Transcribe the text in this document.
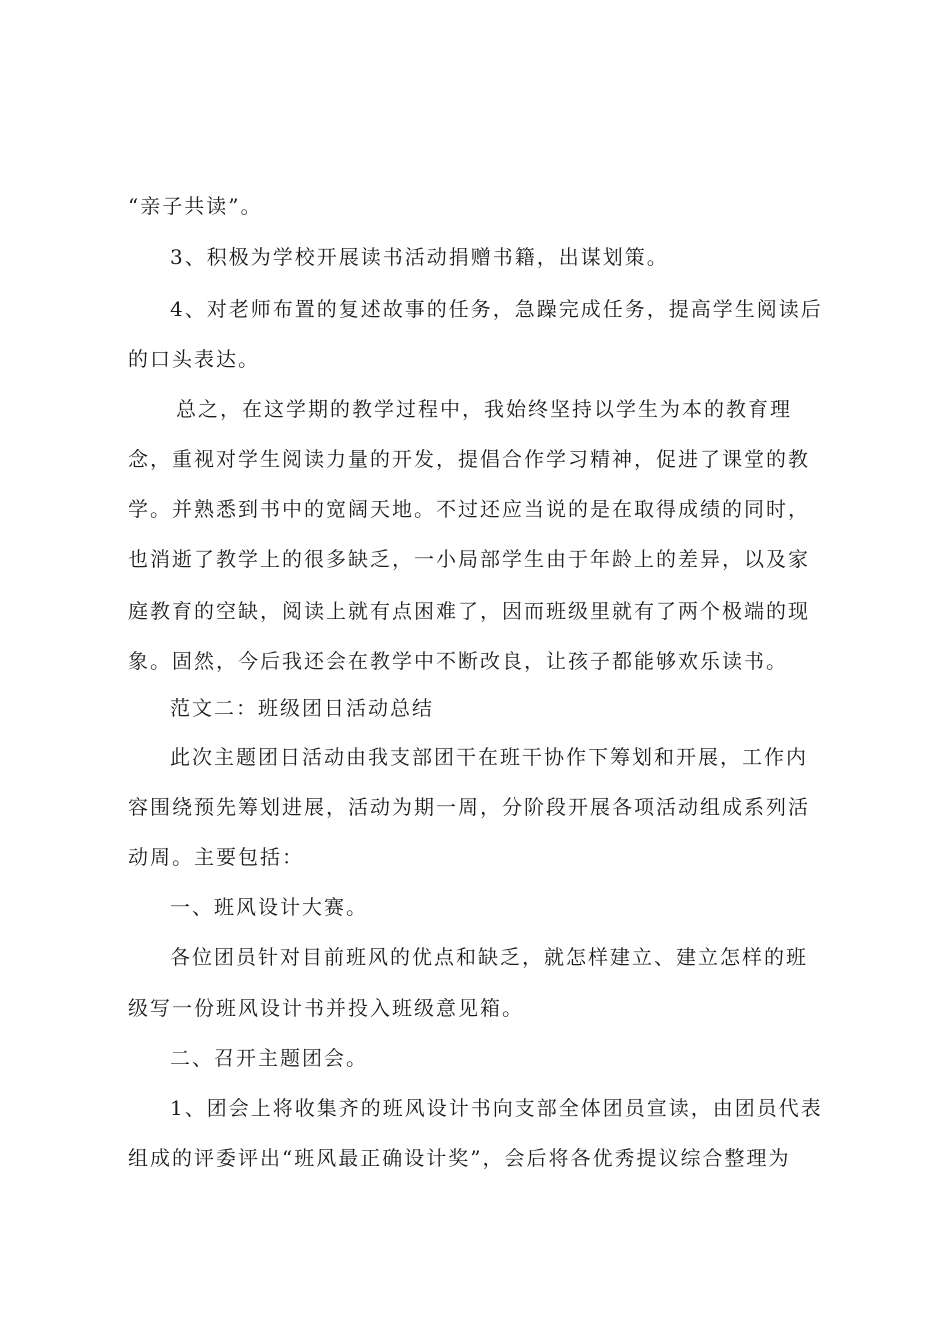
“亲子共读”。
3、积极为学校开展读书活动捐赠书籍，出谋划策。
4、对老师布置的复述故事的任务，急躁完成任务，提高学生阅读后
的口头表达。
总之，在这学期的教学过程中，我始终坚持以学生为本的教育理
念，重视对学生阅读力量的开发，提倡合作学习精神，促进了课堂的教
学。并熟悉到书中的宽阔天地。不过还应当说的是在取得成绩的同时，
也消逝了教学上的很多缺乏，一小局部学生由于年龄上的差异，以及家
庭教育的空缺，阅读上就有点困难了，因而班级里就有了两个极端的现
象。固然，今后我还会在教学中不断改良，让孩子都能够欢乐读书。
范文二：班级团日活动总结
此次主题团日活动由我支部团干在班干协作下筹划和开展，工作内
容围绕预先筹划进展，活动为期一周，分阶段开展各项活动组成系列活
动周。主要包括：
一、班风设计大赛。
各位团员针对目前班风的优点和缺乏，就怎样建立、建立怎样的班
级写一份班风设计书并投入班级意见箱。
二、召开主题团会。
1、团会上将收集齐的班风设计书向支部全体团员宣读，由团员代表
组成的评委评出“班风最正确设计奖”，会后将各优秀提议综合整理为
